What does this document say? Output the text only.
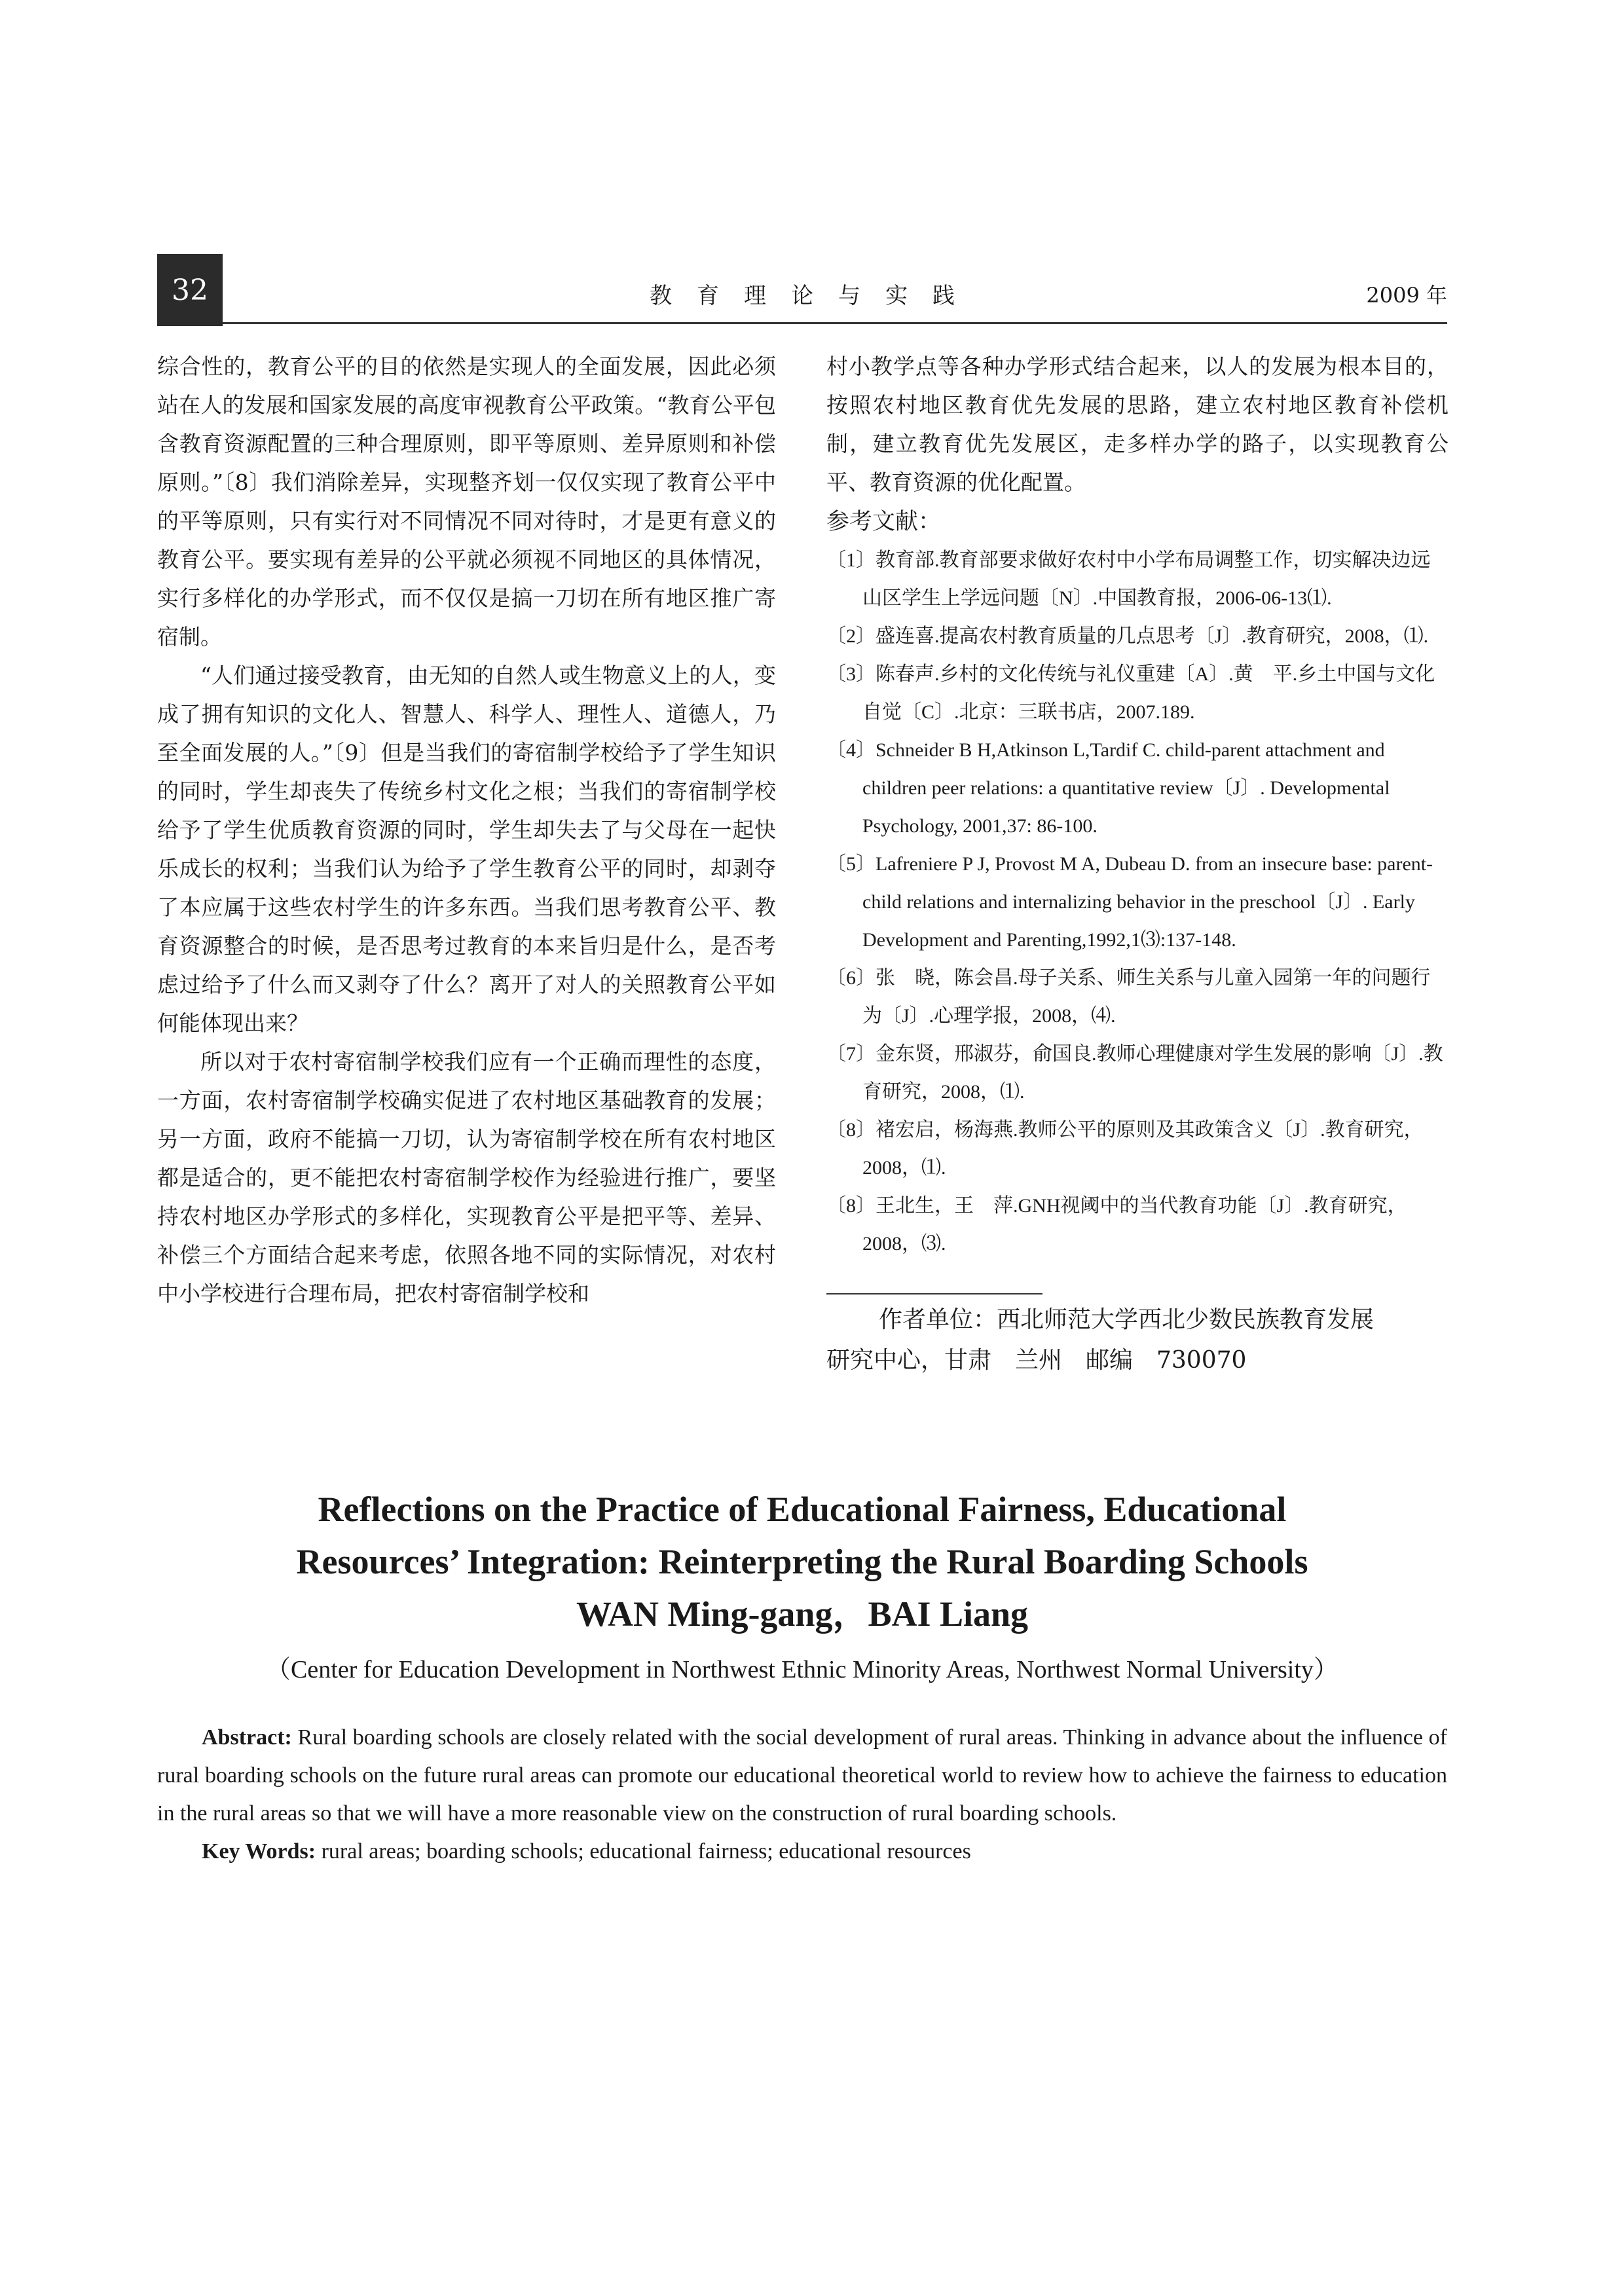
32	教育理论与实践	2009 年

综合性的，教育公平的目的依然是实现人的全面发展，因此必须站在人的发展和国家发展的高度审视教育公平政策。“教育公平包含教育资源配置的三种合理原则，即平等原则、差异原则和补偿原则。”〔8〕我们消除差异，实现整齐划一仅仅实现了教育公平中的平等原则，只有实行对不同情况不同对待时，才是更有意义的教育公平。要实现有差异的公平就必须视不同地区的具体情况，实行多样化的办学形式，而不仅仅是搞一刀切在所有地区推广寄宿制。

“人们通过接受教育，由无知的自然人或生物意义上的人，变成了拥有知识的文化人、智慧人、科学人、理性人、道德人，乃至全面发展的人。”〔9〕但是当我们的寄宿制学校给予了学生知识的同时，学生却丧失了传统乡村文化之根；当我们的寄宿制学校给予了学生优质教育资源的同时，学生却失去了与父母在一起快乐成长的权利；当我们认为给予了学生教育公平的同时，却剥夺了本应属于这些农村学生的许多东西。当我们思考教育公平、教育资源整合的时候，是否思考过教育的本来旨归是什么，是否考虑过给予了什么而又剥夺了什么？离开了对人的关照教育公平如何能体现出来？

所以对于农村寄宿制学校我们应有一个正确而理性的态度，一方面，农村寄宿制学校确实促进了农村地区基础教育的发展；另一方面，政府不能搞一刀切，认为寄宿制学校在所有农村地区都是适合的，更不能把农村寄宿制学校作为经验进行推广，要坚持农村地区办学形式的多样化，实现教育公平是把平等、差异、补偿三个方面结合起来考虑，依照各地不同的实际情况，对农村中小学校进行合理布局，把农村寄宿制学校和

村小教学点等各种办学形式结合起来，以人的发展为根本目的，按照农村地区教育优先发展的思路，建立农村地区教育补偿机制，建立教育优先发展区，走多样办学的路子，以实现教育公平、教育资源的优化配置。

参考文献：

〔1〕教育部.教育部要求做好农村中小学布局调整工作，切实解决边远山区学生上学远问题〔N〕.中国教育报，2006-06-13⑴.

〔2〕盛连喜.提高农村教育质量的几点思考〔J〕.教育研究，2008，⑴.

〔3〕陈春声.乡村的文化传统与礼仪重建〔A〕.黄　平.乡土中国与文化自觉〔C〕.北京：三联书店，2007.189.

〔4〕Schneider B H,Atkinson L,Tardif C. child-parent attachment and children peer relations: a quantitative review〔J〕. Developmental Psychology, 2001,37: 86-100.

〔5〕Lafreniere P J, Provost M A, Dubeau D. from an insecure base: parent-child relations and internalizing behavior in the preschool〔J〕. Early Development and Parenting,1992,1⑶:137-148.

〔6〕张　晓，陈会昌.母子关系、师生关系与儿童入园第一年的问题行为〔J〕.心理学报，2008，⑷.

〔7〕金东贤，邢淑芬，俞国良.教师心理健康对学生发展的影响〔J〕.教育研究，2008，⑴.

〔8〕褚宏启，杨海燕.教师公平的原则及其政策含义〔J〕.教育研究，2008，⑴.

〔8〕王北生，王　萍.GNH视阈中的当代教育功能〔J〕.教育研究，2008，⑶.

作者单位：西北师范大学西北少数民族教育发展
研究中心，甘肃　兰州　邮编　730070
Reflections on the Practice of Educational Fairness, Educational
Resources’ Integration: Reinterpreting the Rural Boarding Schools
WAN Ming-gang，BAI Liang
（Center for Education Development in Northwest Ethnic Minority Areas, Northwest Normal University）

Abstract: Rural boarding schools are closely related with the social development of rural areas. Thinking in advance about the influence of rural boarding schools on the future rural areas can promote our educational theoretical world to review how to achieve the fairness to education in the rural areas so that we will have a more reasonable view on the construction of rural boarding schools.

Key Words: rural areas; boarding schools; educational fairness; educational resources
